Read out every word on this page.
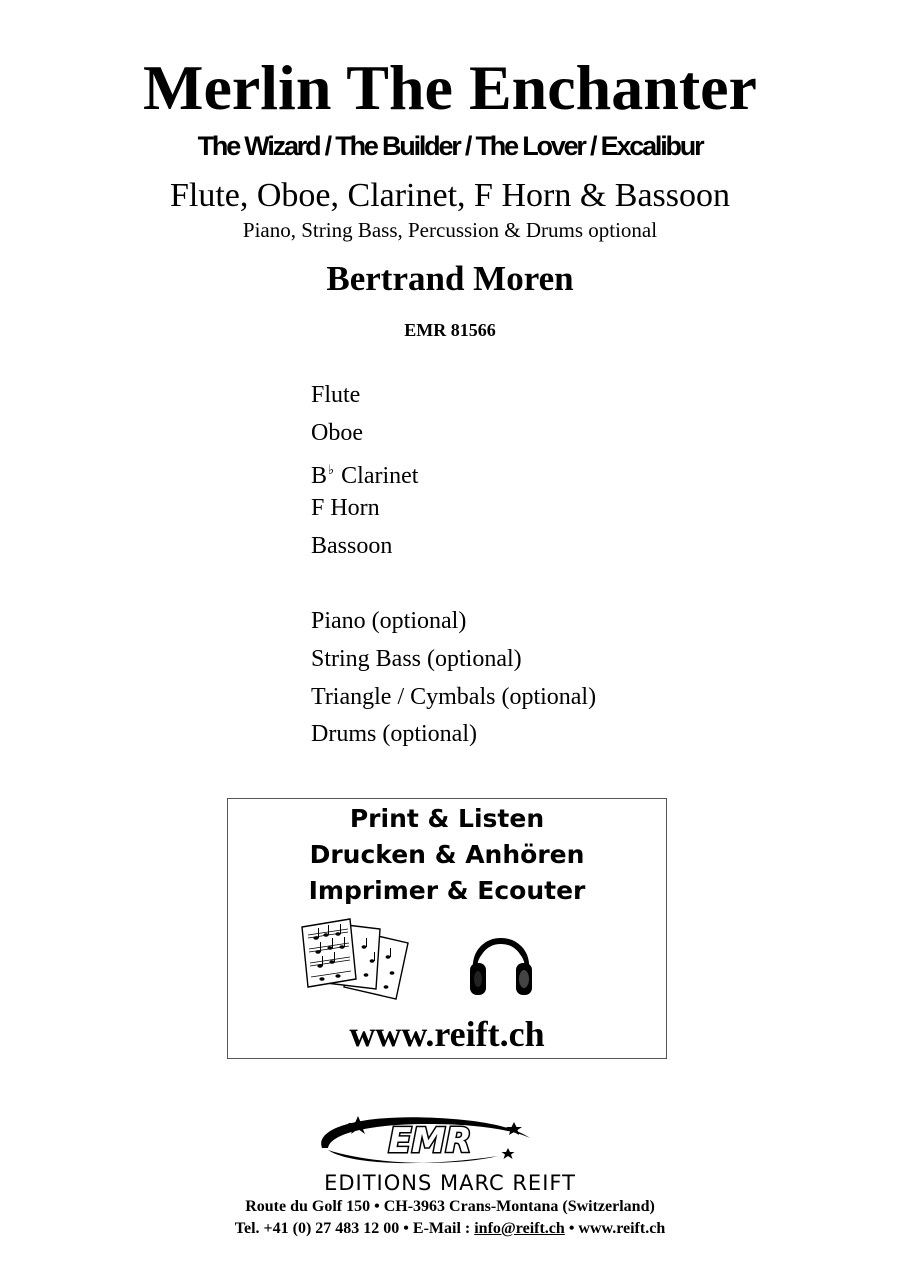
Merlin The Enchanter
The Wizard / The Builder / The Lover / Excalibur
Flute, Oboe, Clarinet, F Horn & Bassoon
Piano, String Bass, Percussion & Drums optional
Bertrand Moren
EMR 81566
Flute
Oboe
B♭ Clarinet
F Horn
Bassoon
Piano (optional)
String Bass (optional)
Triangle / Cymbals (optional)
Drums (optional)
Print & Listen
Drucken & Anhören
Imprimer & Ecouter
www.reift.ch
EMR
EDITIONS MARC REIFT
Route du Golf 150 • CH-3963 Crans-Montana (Switzerland)
Tel. +41 (0) 27 483 12 00 • E-Mail : info@reift.ch • www.reift.ch
